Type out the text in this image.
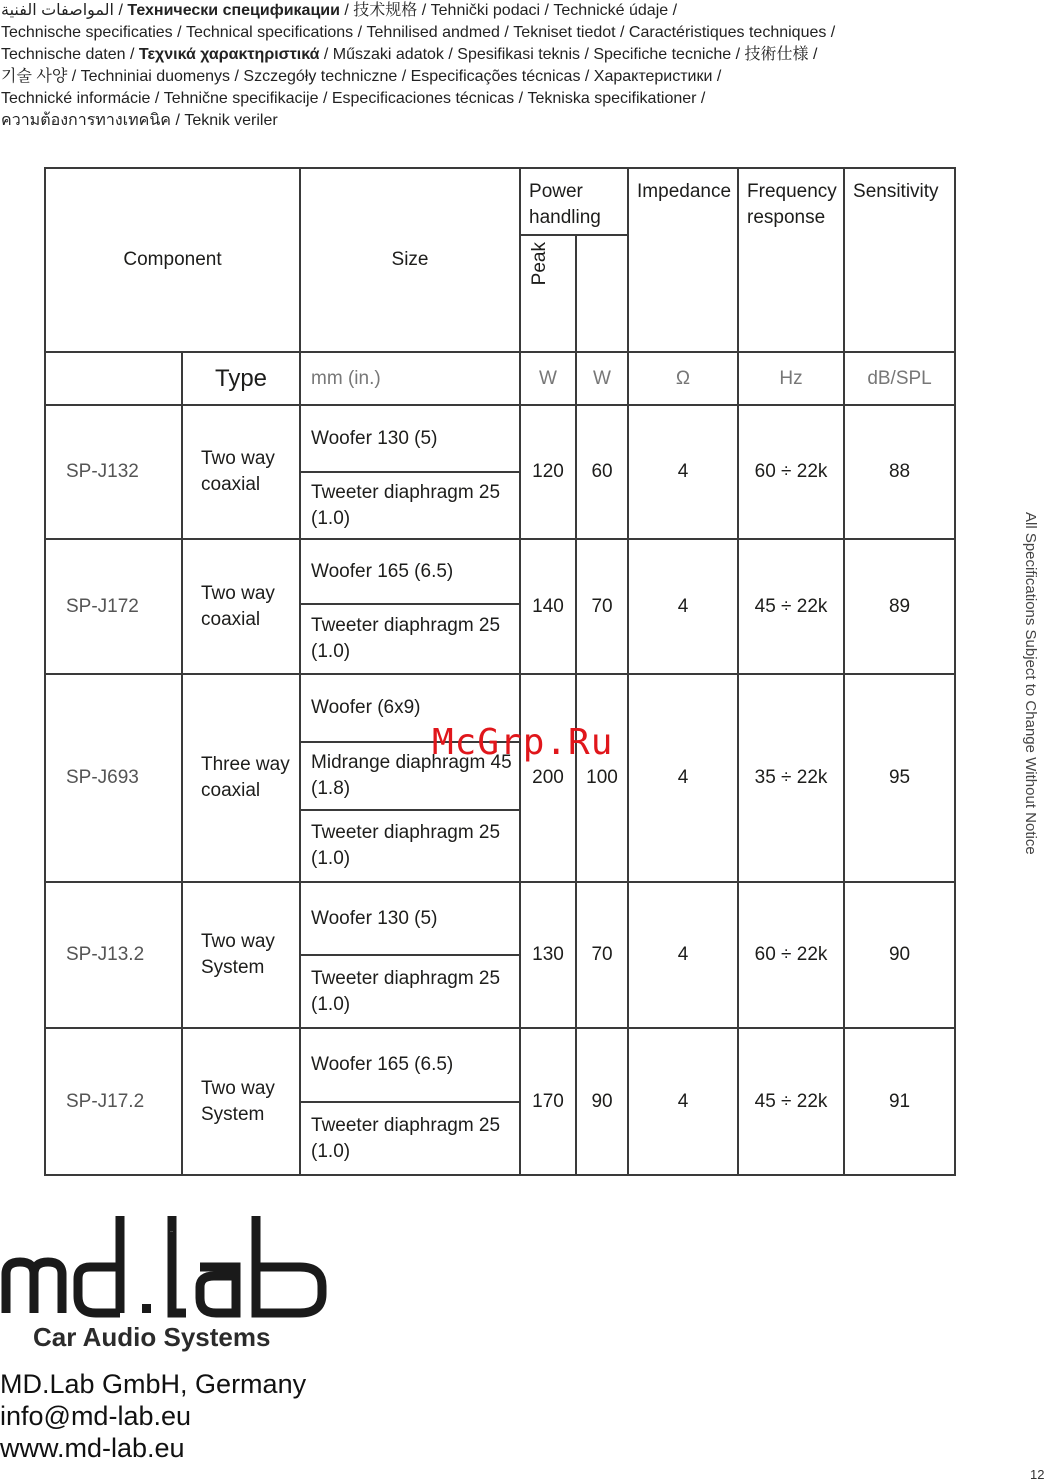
المواصفات الفنية / Технически спецификации / 技术规格 / Tehnički podaci / Technické údaje / Technische specificaties / Technical specifications / Tehnilised andmed / Tekniset tiedot / Caractéristiques techniques / Technische daten / Τεχνικά χαρακτηριστικά / Műszaki adatok / Spesifikasi teknis / Specifiche tecniche / 技術仕様 / 기술 사양 / Techniniai duomenys / Szczegóły techniczne / Especificações técnicas / Характеристики / Technické informácie / Tehnične specifikacije / Especificaciones técnicas / Tekniska specifikationer / ความต้องการทางเทคนิค / Teknik veriler
Component		Size	Power handling		Impedance	Frequency response	Sensitivity

			Peak				

	Type	mm (in.)	W	W	Ω	Hz	dB/SPL
SP-J132	Two way coaxial	Woofer 130 (5)	120	60	4	60 ÷ 22k	88
		Tweeter diaphragm 25 (1.0)					
SP-J172	Two way coaxial	Woofer 165 (6.5)	140	70	4	45 ÷ 22k	89
		Tweeter diaphragm 25 (1.0)					
SP-J693	Three way coaxial	Woofer (6x9)	200	100	4	35 ÷ 22k	95
		Midrange diaphragm 45 (1.8)					
		Tweeter diaphragm 25 (1.0)					
SP-J13.2	Two way System	Woofer 130 (5)	130	70	4	60 ÷ 22k	90
		Tweeter diaphragm 25 (1.0)					
SP-J17.2	Two way System	Woofer 165 (6.5)	170	90	4	45 ÷ 22k	91
		Tweeter diaphragm 25 (1.0)					
All Specifications Subject to Change Without Notice
McGrp.Ru
md.lab
Car Audio Systems
MD.Lab GmbH, Germany
info@md-lab.eu
www.md-lab.eu
12
